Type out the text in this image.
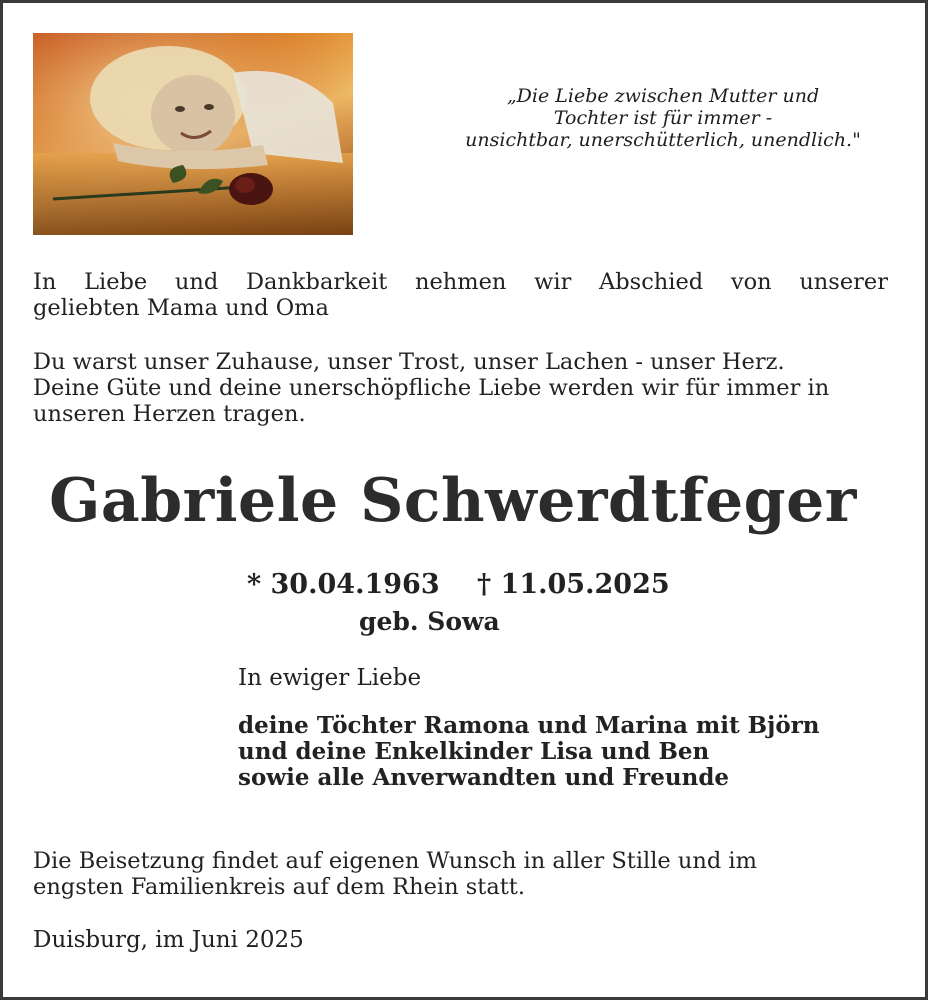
„Die Liebe zwischen Mutter und
Tochter ist für immer -
unsichtbar, unerschütterlich, unendlich."
In Liebe und Dankbarkeit nehmen wir Abschied von unserer
geliebten Mama und Oma
Du warst unser Zuhause, unser Trost, unser Lachen - unser Herz.
Deine Güte und deine unerschöpfliche Liebe werden wir für immer in
unseren Herzen tragen.
Gabriele Schwerdtfeger
* 30.04.1963 † 11.05.2025
geb. Sowa
In ewiger Liebe
deine Töchter Ramona und Marina mit Björn
und deine Enkelkinder Lisa und Ben
sowie alle Anverwandten und Freunde
Die Beisetzung findet auf eigenen Wunsch in aller Stille und im
engsten Familienkreis auf dem Rhein statt.
Duisburg, im Juni 2025
